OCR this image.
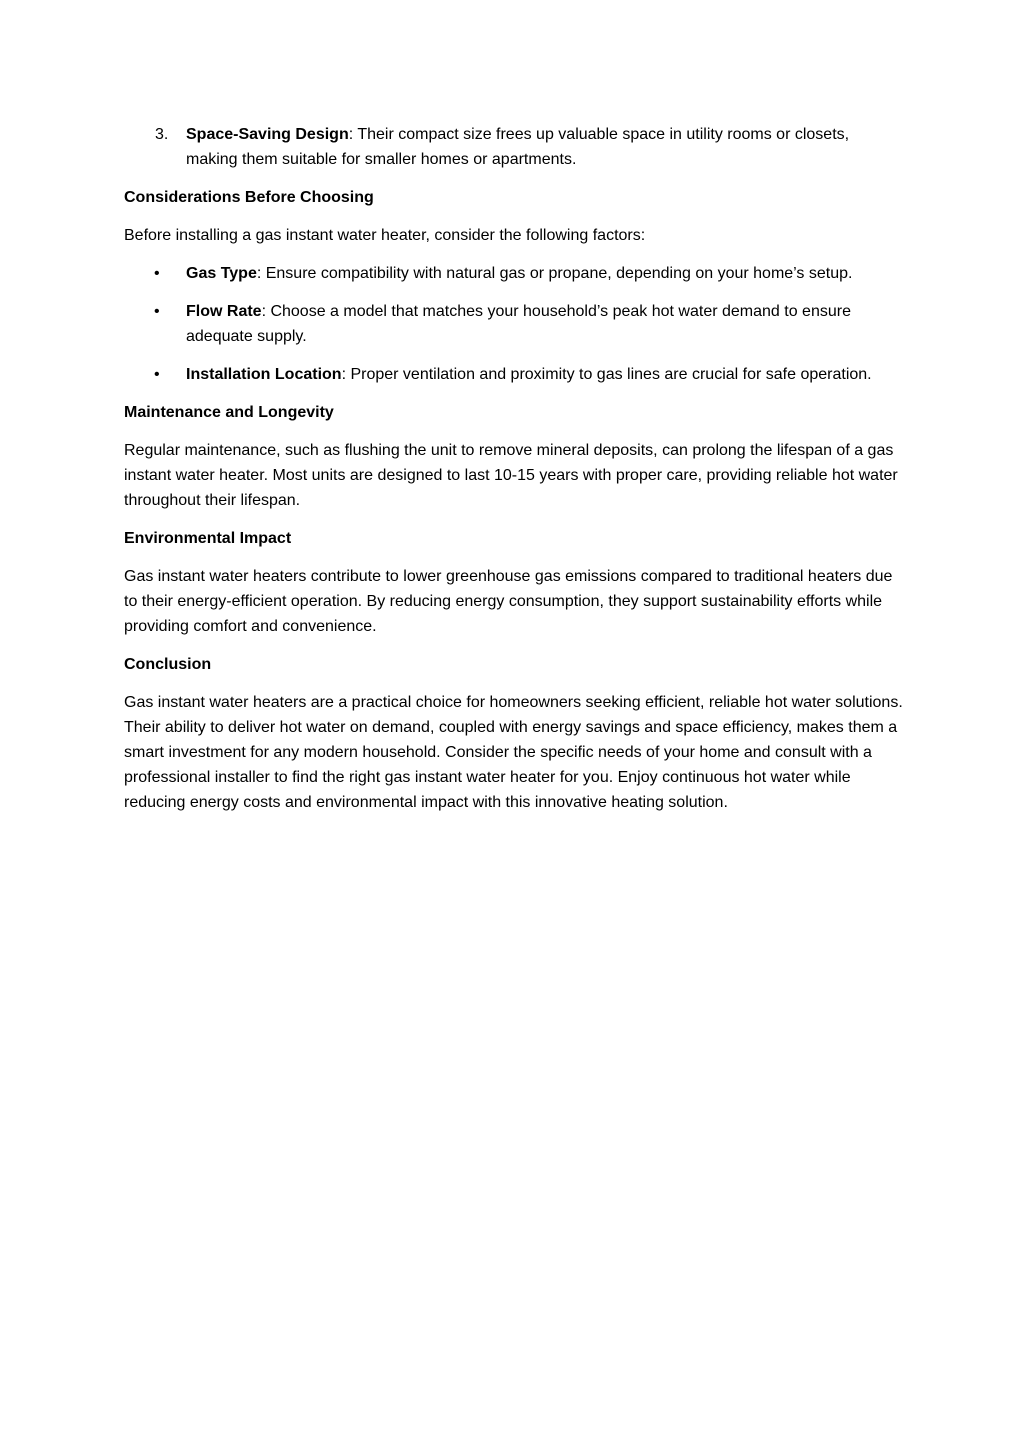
3. Space-Saving Design: Their compact size frees up valuable space in utility rooms or closets, making them suitable for smaller homes or apartments.
Considerations Before Choosing
Before installing a gas instant water heater, consider the following factors:
• Gas Type: Ensure compatibility with natural gas or propane, depending on your home’s setup.
• Flow Rate: Choose a model that matches your household’s peak hot water demand to ensure adequate supply.
• Installation Location: Proper ventilation and proximity to gas lines are crucial for safe operation.
Maintenance and Longevity
Regular maintenance, such as flushing the unit to remove mineral deposits, can prolong the lifespan of a gas instant water heater. Most units are designed to last 10-15 years with proper care, providing reliable hot water throughout their lifespan.
Environmental Impact
Gas instant water heaters contribute to lower greenhouse gas emissions compared to traditional heaters due to their energy-efficient operation. By reducing energy consumption, they support sustainability efforts while providing comfort and convenience.
Conclusion
Gas instant water heaters are a practical choice for homeowners seeking efficient, reliable hot water solutions. Their ability to deliver hot water on demand, coupled with energy savings and space efficiency, makes them a smart investment for any modern household. Consider the specific needs of your home and consult with a professional installer to find the right gas instant water heater for you. Enjoy continuous hot water while reducing energy costs and environmental impact with this innovative heating solution.
